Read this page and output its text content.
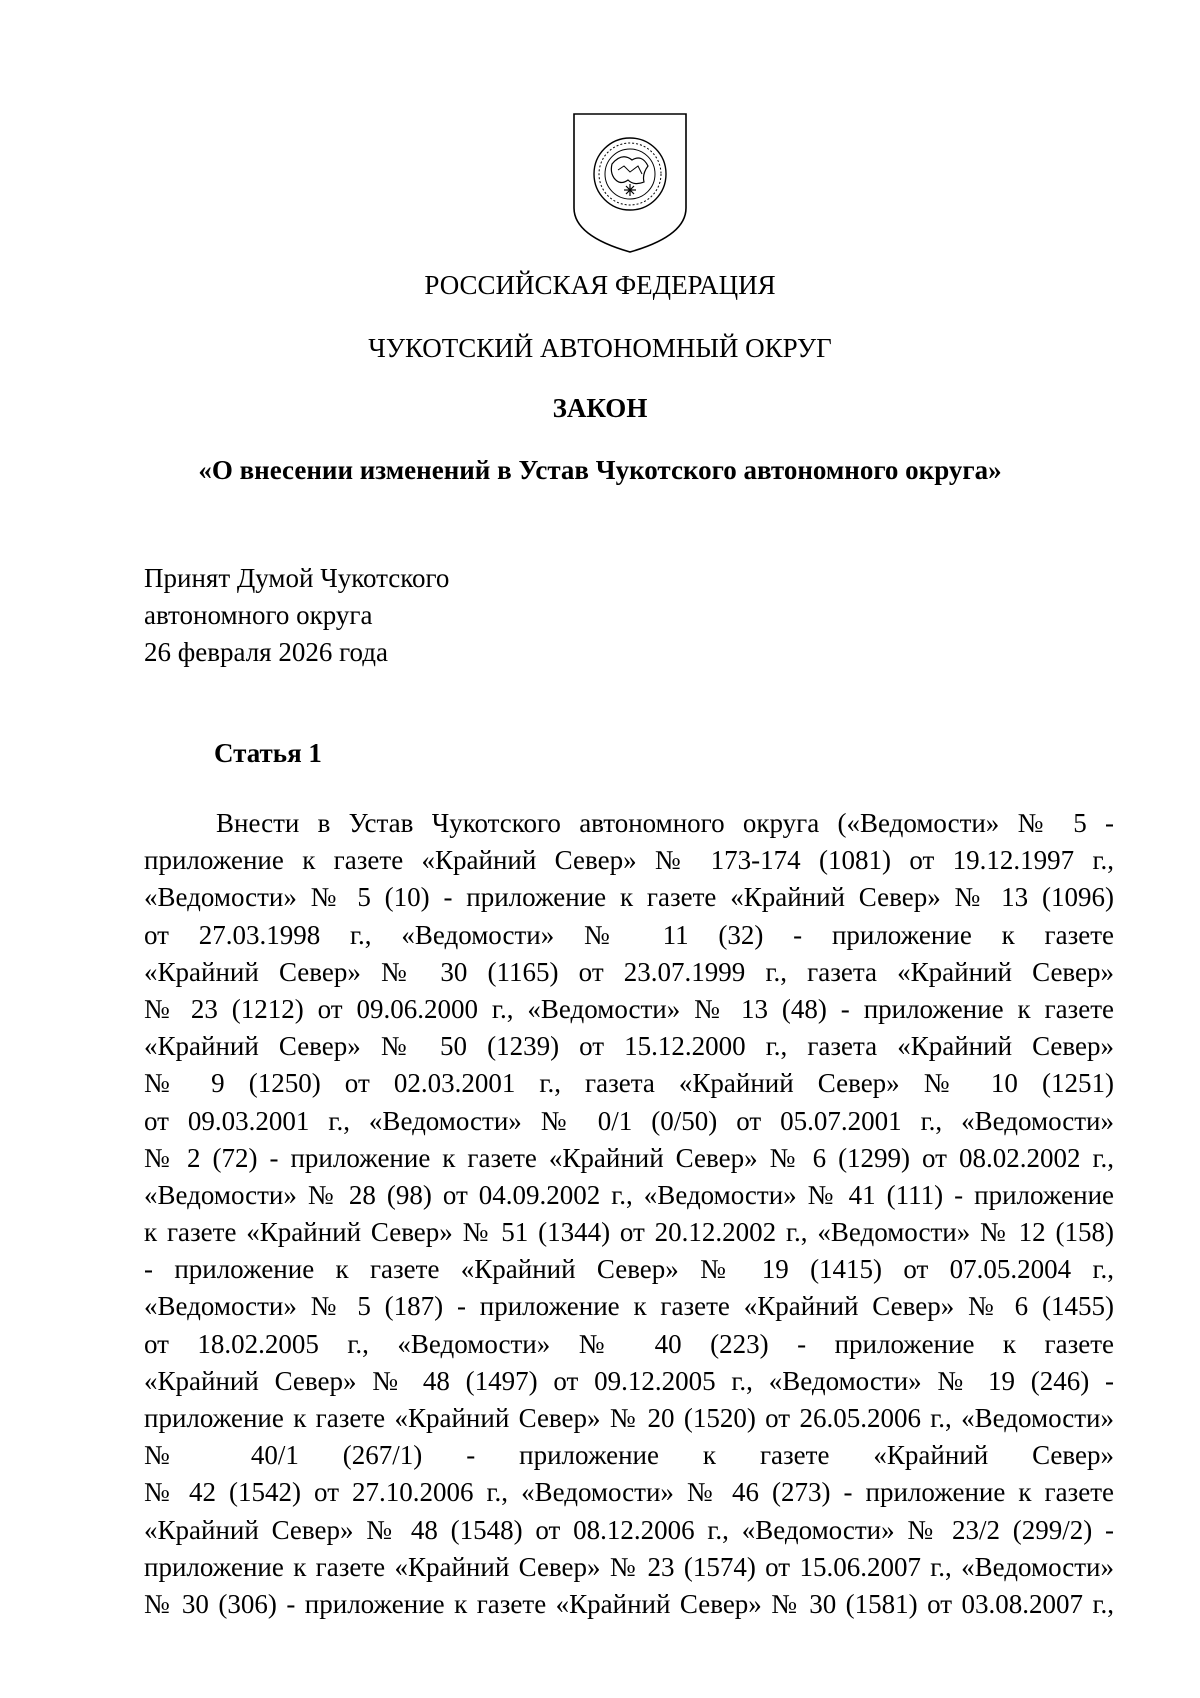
РОССИЙСКАЯ ФЕДЕРАЦИЯ
ЧУКОТСКИЙ АВТОНОМНЫЙ ОКРУГ
ЗАКОН
«О внесении изменений в Устав Чукотского автономного округа»
Принят Думой Чукотского
автономного округа
26 февраля 2026 года
Статья 1
Внести в Устав Чукотского автономного округа («Ведомости» № 5 -
приложение к газете «Крайний Север» № 173-174 (1081) от 19.12.1997 г.,
«Ведомости» № 5 (10) - приложение к газете «Крайний Север» № 13 (1096)
от 27.03.1998 г., «Ведомости» № 11 (32) - приложение к газете
«Крайний Север» № 30 (1165) от 23.07.1999 г., газета «Крайний Север»
№ 23 (1212) от 09.06.2000 г., «Ведомости» № 13 (48) - приложение к газете
«Крайний Север» № 50 (1239) от 15.12.2000 г., газета «Крайний Север»
№ 9 (1250) от 02.03.2001 г., газета «Крайний Север» № 10 (1251)
от 09.03.2001 г., «Ведомости» № 0/1 (0/50) от 05.07.2001 г., «Ведомости»
№ 2 (72) - приложение к газете «Крайний Север» № 6 (1299) от 08.02.2002 г.,
«Ведомости» № 28 (98) от 04.09.2002 г., «Ведомости» № 41 (111) - приложение
к газете «Крайний Север» № 51 (1344) от 20.12.2002 г., «Ведомости» № 12 (158)
- приложение к газете «Крайний Север» № 19 (1415) от 07.05.2004 г.,
«Ведомости» № 5 (187) - приложение к газете «Крайний Север» № 6 (1455)
от 18.02.2005 г., «Ведомости» № 40 (223) - приложение к газете
«Крайний Север» № 48 (1497) от 09.12.2005 г., «Ведомости» № 19 (246) -
приложение к газете «Крайний Север» № 20 (1520) от 26.05.2006 г., «Ведомости»
№ 40/1 (267/1) - приложение к газете «Крайний Север»
№ 42 (1542) от 27.10.2006 г., «Ведомости» № 46 (273) - приложение к газете
«Крайний Север» № 48 (1548) от 08.12.2006 г., «Ведомости» № 23/2 (299/2) -
приложение к газете «Крайний Север» № 23 (1574) от 15.06.2007 г., «Ведомости»
№ 30 (306) - приложение к газете «Крайний Север» № 30 (1581) от 03.08.2007 г.,
